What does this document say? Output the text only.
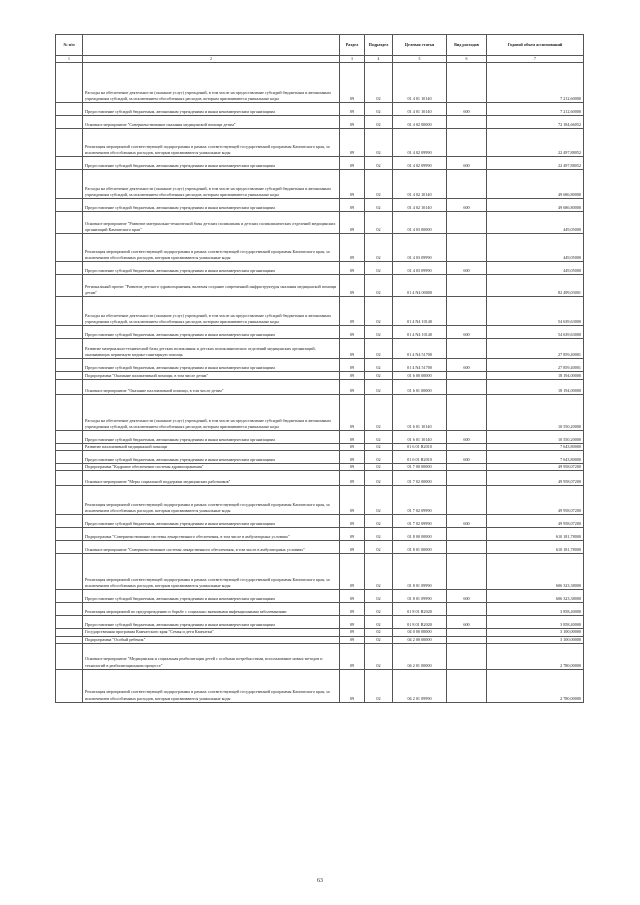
№ п/п		Раздел	Подраздел	Целевая статья	Вид расходов	Годовой объем ассигнований
1	2	3	4	5	6	7
	Расходы на обеспечение деятельности (оказание услуг) учреждений, в том числе на предоставление субсидий бюджетным и автономным учреждениям субсидий, за исключением обособленных расходов, которым присваиваются уникальные коды	09	02	01 4 01 10140		7 212,60000
	Предоставление субсидий бюджетным, автономным учреждениям и иным некоммерческим организациям	09	02	01 4 01 10140	600	7 212,60000
	Основное мероприятие "Совершенствование оказания медицинской помощи детям"	09	02	01 4 02 00000		72 184,66052
	Реализация мероприятий соответствующей подпрограммы в рамках соответствующей государственной программы Камчатского края, за исключением обособленных расходов, которым присваиваются уникальные коды	09	02	01 4 02 09990		22 497,88052
	Предоставление субсидий бюджетным, автономным учреждениям и иным некоммерческим организациям	09	02	01 4 02 09990	600	22 497,88052
	Расходы на обеспечение деятельности (оказание услуг) учреждений, в том числе на предоставление субсидий бюджетным и автономным учреждениям субсидий, за исключением обособленных расходов, которым присваиваются уникальные коды	09	02	01 4 02 10140		49 686,80000
	Предоставление субсидий бюджетным, автономным учреждениям и иным некоммерческим организациям	09	02	01 4 02 10140	600	49 686,80000
	Основное мероприятие "Развитие материально-технической базы детских поликлиник и детских поликлинических отделений медицинских организаций Камчатского края"	09	02	01 4 03 00000		449,05000
	Реализация мероприятий соответствующей подпрограммы в рамках соответствующей государственной программы Камчатского края, за исключением обособленных расходов, которым присваиваются уникальные коды	09	02	01 4 03 09990		449,05000
	Предоставление субсидий бюджетным, автономным учреждениям и иным некоммерческим организациям	09	02	01 4 03 09990	600	449,05000
	Региональный проект "Развитие детского здравоохранения, включая создание современной инфраструктуры оказания медицинской помощи детям"	09	02	01 4 N4 00000		82 499,03001
	Расходы на обеспечение деятельности (оказание услуг) учреждений, в том числе на предоставление субсидий бюджетным и автономным учреждениям субсидий, за исключением обособленных расходов, которым присваиваются уникальные коды	09	02	01 4 N4 10140		54 639,63000
	Предоставление субсидий бюджетным, автономным учреждениям и иным некоммерческим организациям	09	02	01 4 N4 10140	600	54 639,63000
	Развитие материально-технической базы детских поликлиник и детских поликлинических отделений медицинских организаций, оказывающих первичную медико-санитарную помощь	09	02	01 4 N4 51700		27 859,40001
	Предоставление субсидий бюджетным, автономным учреждениям и иным некоммерческим организациям	09	02	01 4 N4 51700	600	27 859,40001
	Подпрограмма "Оказание паллиативной помощи, в том числе детям"	09	02	01 6 00 00000		18 194,00000
	Основное мероприятие "Оказание паллиативной помощи, в том числе детям"	09	02	01 6 01 00000		18 194,00000
	Расходы на обеспечение деятельности (оказание услуг) учреждений, в том числе на предоставление субсидий бюджетным и автономным учреждениям субсидий, за исключением обособленных расходов, которым присваиваются уникальные коды	09	02	01 6 01 10140		10 550,20000
	Предоставление субсидий бюджетным, автономным учреждениям и иным некоммерческим организациям	09	02	01 6 01 10140	600	10 550,20000
	Развитие паллиативной медицинской помощи	09	02	01 6 01 R2010		7 643,80000
	Предоставление субсидий бюджетным, автономным учреждениям и иным некоммерческим организациям	09	02	01 6 01 R2010	600	7 643,80000
	Подпрограмма "Кадровое обеспечение системы здравоохранения"	09	02	01 7 00 00000		49 958,07200
	Основное мероприятие "Меры социальной поддержки медицинских работников"	09	02	01 7 02 00000		49 958,07200
	Реализация мероприятий соответствующей подпрограммы в рамках соответствующей государственной программы Камчатского края, за исключением обособленных расходов, которым присваиваются уникальные коды	09	02	01 7 02 09990		49 958,07200
	Предоставление субсидий бюджетным, автономным учреждениям и иным некоммерческим организациям	09	02	01 7 02 09990	600	49 958,07200
	Подпрограмма "Совершенствование системы лекарственного обеспечения, в том числе в амбулаторных условиях"	09	02	01 8 00 00000		610 181,78000
	Основное мероприятие "Совершенствование системы лекарственного обеспечения, в том числе в амбулаторных условиях"	09	02	01 8 01 00000		610 181,78000
	Реализация мероприятий соответствующей подпрограммы в рамках соответствующей государственной программы Камчатского края, за исключением обособленных расходов, которым присваиваются уникальные коды	09	02	01 8 01 09990		606 323,38000
	Предоставление субсидий бюджетным, автономным учреждениям и иным некоммерческим организациям	09	02	01 8 01 09990	600	606 323,38000
	Реализация мероприятий по предупреждению и борьбе с социально значимыми инфекционными заболеваниями	09	02	01 8 01 R2020		3 858,40000
	Предоставление субсидий бюджетным, автономным учреждениям и иным некоммерческим организациям	09	02	01 8 01 R2020	600	3 858,40000
	Государственная программа Камчатского края "Семья и дети Камчатки"	09	02	04 0 00 00000		3 100,00000
	Подпрограмма "Особый ребенок"	09	02	04 2 00 00000		3 100,00000
	Основное мероприятие "Медицинская и социальная реабилитация детей с особыми потребностями, использование новых методов и технологий в реабилитационном процессе"	09	02	04 2 01 00000		2 780,00000
	Реализация мероприятий соответствующей подпрограммы в рамках соответствующей государственной программы Камчатского края, за исключением обособленных расходов, которым присваиваются уникальные коды	09	02	04 2 01 09990		2 780,00000
63
